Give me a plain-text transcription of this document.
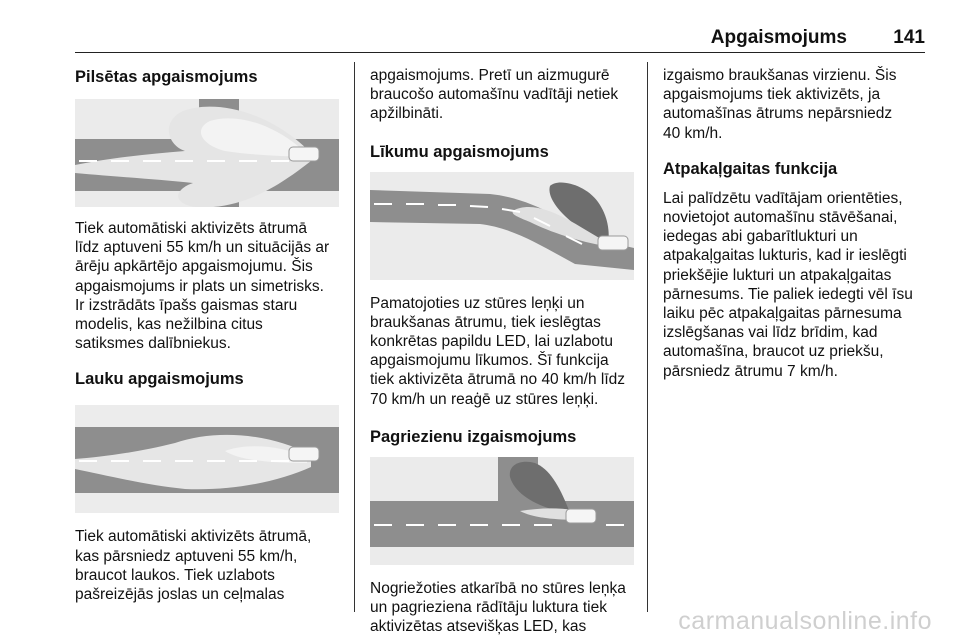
Apgaismojums 141

Pilsētas apgaismojums

Tiek automātiski aktivizēts ātrumā
līdz aptuveni 55 km/h un situācijās ar
ārēju apkārtējo apgaismojumu. Šis
apgaismojums ir plats un simetrisks.
Ir izstrādāts īpašs gaismas staru
modelis, kas nežilbina citus
satiksmes dalībniekus.

Lauku apgaismojums

Tiek automātiski aktivizēts ātrumā,
kas pārsniedz aptuveni 55 km/h,
braucot laukos. Tiek uzlabots
pašreizējās joslas un ceļmalas

apgaismojums. Pretī un aizmugurē
braucošo automašīnu vadītāji netiek
apžilbināti.

Līkumu apgaismojums

Pamatojoties uz stūres leņķi un
braukšanas ātrumu, tiek ieslēgtas
konkrētas papildu LED, lai uzlabotu
apgaismojumu līkumos. Šī funkcija
tiek aktivizēta ātrumā no 40 km/h līdz
70 km/h un reaģē uz stūres leņķi.

Pagriezienu izgaismojums

Nogriežoties atkarībā no stūres leņķa
un pagrieziena rādītāju luktura tiek
aktivizētas atsevišķas LED, kas

izgaismo braukšanas virzienu. Šis
apgaismojums tiek aktivizēts, ja
automašīnas ātrums nepārsniedz
40 km/h.

Atpakaļgaitas funkcija

Lai palīdzētu vadītājam orientēties,
novietojot automašīnu stāvēšanai,
iedegas abi gabarītlukturi un
atpakaļgaitas lukturis, kad ir ieslēgti
priekšējie lukturi un atpakaļgaitas
pārnesums. Tie paliek iedegti vēl īsu
laiku pēc atpakaļgaitas pārnesuma
izslēgšanas vai līdz brīdim, kad
automašīna, braucot uz priekšu,
pārsniedz ātrumu 7 km/h.

carmanualsonline.info
